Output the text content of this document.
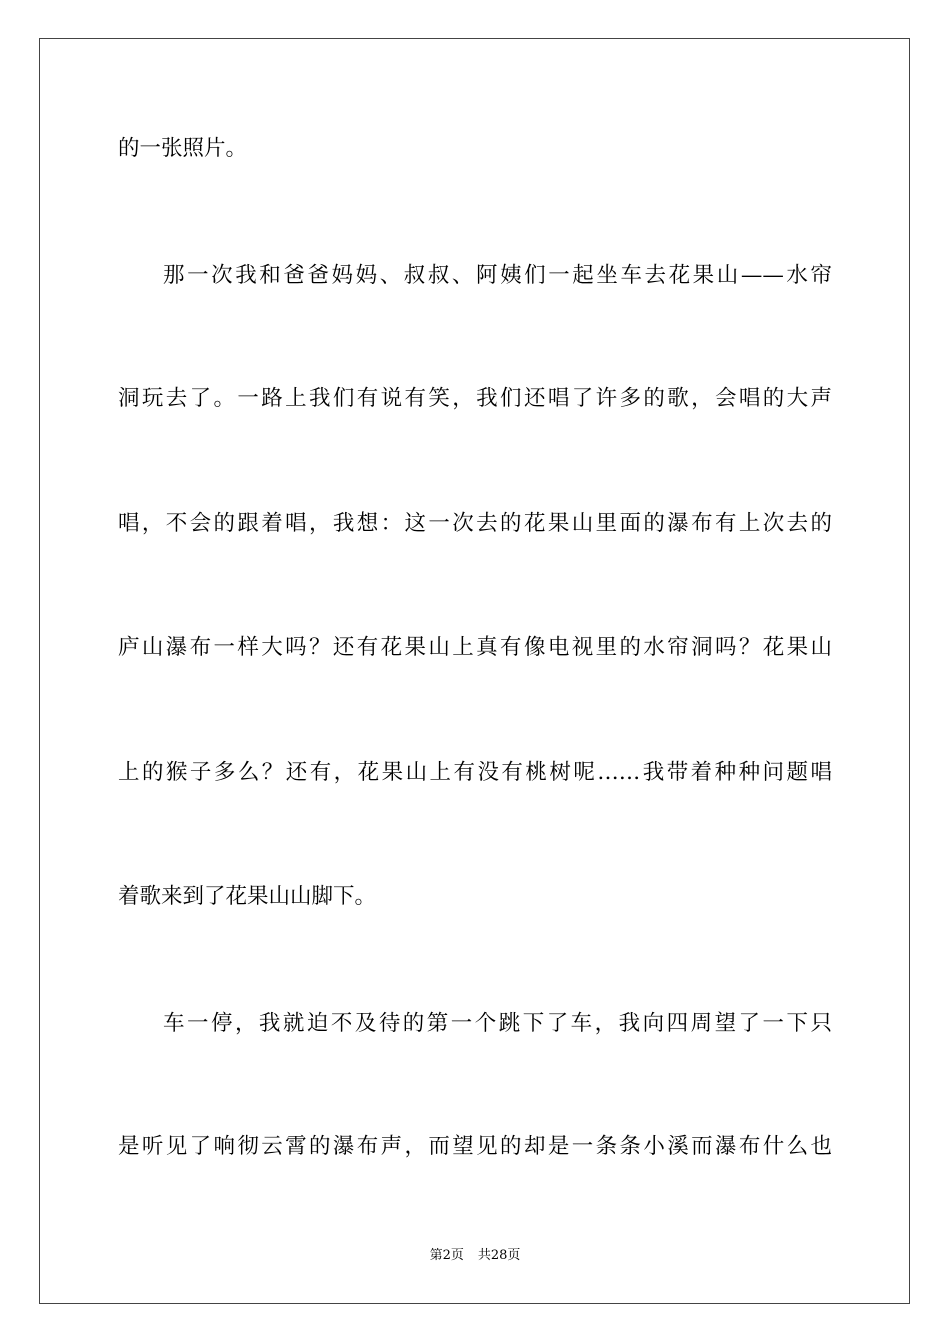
的一张照片。
那一次我和爸爸妈妈、叔叔、阿姨们一起坐车去花果山——水帘
洞玩去了。一路上我们有说有笑，我们还唱了许多的歌，会唱的大声
唱，不会的跟着唱，我想：这一次去的花果山里面的瀑布有上次去的
庐山瀑布一样大吗？还有花果山上真有像电视里的水帘洞吗？花果山
上的猴子多么？还有，花果山上有没有桃树呢……我带着种种问题唱
着歌来到了花果山山脚下。
车一停，我就迫不及待的第一个跳下了车，我向四周望了一下只
是听见了响彻云霄的瀑布声，而望见的却是一条条小溪而瀑布什么也
第2页 共28页
